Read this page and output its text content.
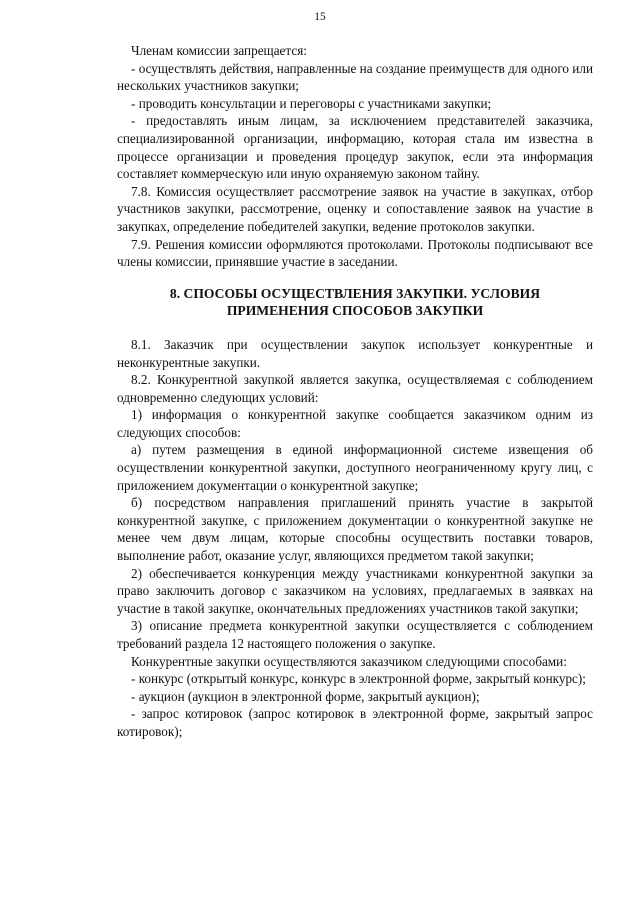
15

Членам комиссии запрещается:

- осуществлять действия, направленные на создание преимуществ для одного или нескольких участников закупки;

- проводить консультации и переговоры с участниками закупки;

- предоставлять иным лицам, за исключением представителей заказчика, специализированной организации, информацию, которая стала им известна в процессе организации и проведения процедур закупок, если эта информация составляет коммерческую или иную охраняемую законом тайну.

7.8. Комиссия осуществляет рассмотрение заявок на участие в закупках, отбор участников закупки, рассмотрение, оценку и сопоставление заявок на участие в закупках, определение победителей закупки, ведение протоколов закупки.

7.9. Решения комиссии оформляются протоколами. Протоколы подписывают все члены комиссии, принявшие участие в заседании.

8. СПОСОБЫ ОСУЩЕСТВЛЕНИЯ ЗАКУПКИ. УСЛОВИЯ
ПРИМЕНЕНИЯ СПОСОБОВ ЗАКУПКИ

8.1. Заказчик при осуществлении закупок использует конкурентные и неконкурентные закупки.

8.2. Конкурентной закупкой является закупка, осуществляемая с соблюдением одновременно следующих условий:

1) информация о конкурентной закупке сообщается заказчиком одним из следующих способов:

а) путем размещения в единой информационной системе извещения об осуществлении конкурентной закупки, доступного неограниченному кругу лиц, с приложением документации о конкурентной закупке;

б) посредством направления приглашений принять участие в закрытой конкурентной закупке, с приложением документации о конкурентной закупке не менее чем двум лицам, которые способны осуществить поставки товаров, выполнение работ, оказание услуг, являющихся предметом такой закупки;

2) обеспечивается конкуренция между участниками конкурентной закупки за право заключить договор с заказчиком на условиях, предлагаемых в заявках на участие в такой закупке, окончательных предложениях участников такой закупки;

3) описание предмета конкурентной закупки осуществляется с соблюдением требований раздела 12 настоящего положения о закупке.

Конкурентные закупки осуществляются заказчиком следующими способами:

- конкурс (открытый конкурс, конкурс в электронной форме, закрытый конкурс);

- аукцион (аукцион в электронной форме, закрытый аукцион);

- запрос котировок (запрос котировок в электронной форме, закрытый запрос котировок);
